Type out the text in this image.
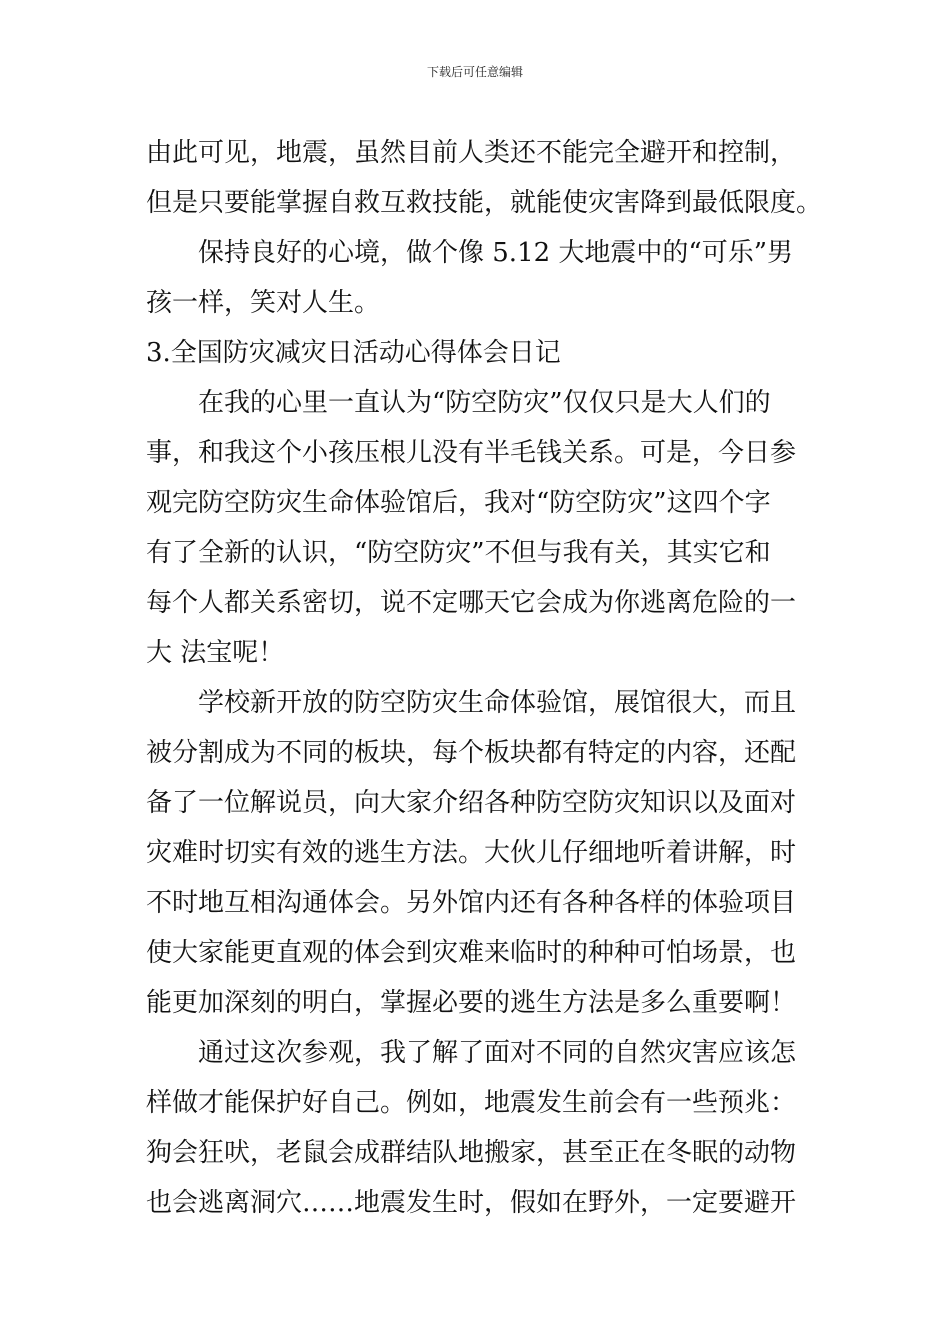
下载后可任意编辑
由此可见，地震，虽然目前人类还不能完全避开和控制，
但是只要能掌握自救互救技能，就能使灾害降到最低限度。
保持良好的心境，做个像 5.12 大地震中的“可乐”男
孩一样，笑对人生。
3.全国防灾减灾日活动心得体会日记
在我的心里一直认为“防空防灾”仅仅只是大人们的
事，和我这个小孩压根儿没有半毛钱关系。可是，今日参
观完防空防灾生命体验馆后，我对“防空防灾”这四个字
有了全新的认识，“防空防灾”不但与我有关，其实它和
每个人都关系密切，说不定哪天它会成为你逃离危险的一
大 法宝呢！
学校新开放的防空防灾生命体验馆，展馆很大，而且
被分割成为不同的板块，每个板块都有特定的内容，还配
备了一位解说员，向大家介绍各种防空防灾知识以及面对
灾难时切实有效的逃生方法。大伙儿仔细地听着讲解，时
不时地互相沟通体会。另外馆内还有各种各样的体验项目
使大家能更直观的体会到灾难来临时的种种可怕场景，也
能更加深刻的明白，掌握必要的逃生方法是多么重要啊！
通过这次参观，我了解了面对不同的自然灾害应该怎
样做才能保护好自己。例如，地震发生前会有一些预兆：
狗会狂吠，老鼠会成群结队地搬家，甚至正在冬眠的动物
也会逃离洞穴……地震发生时，假如在野外，一定要避开
